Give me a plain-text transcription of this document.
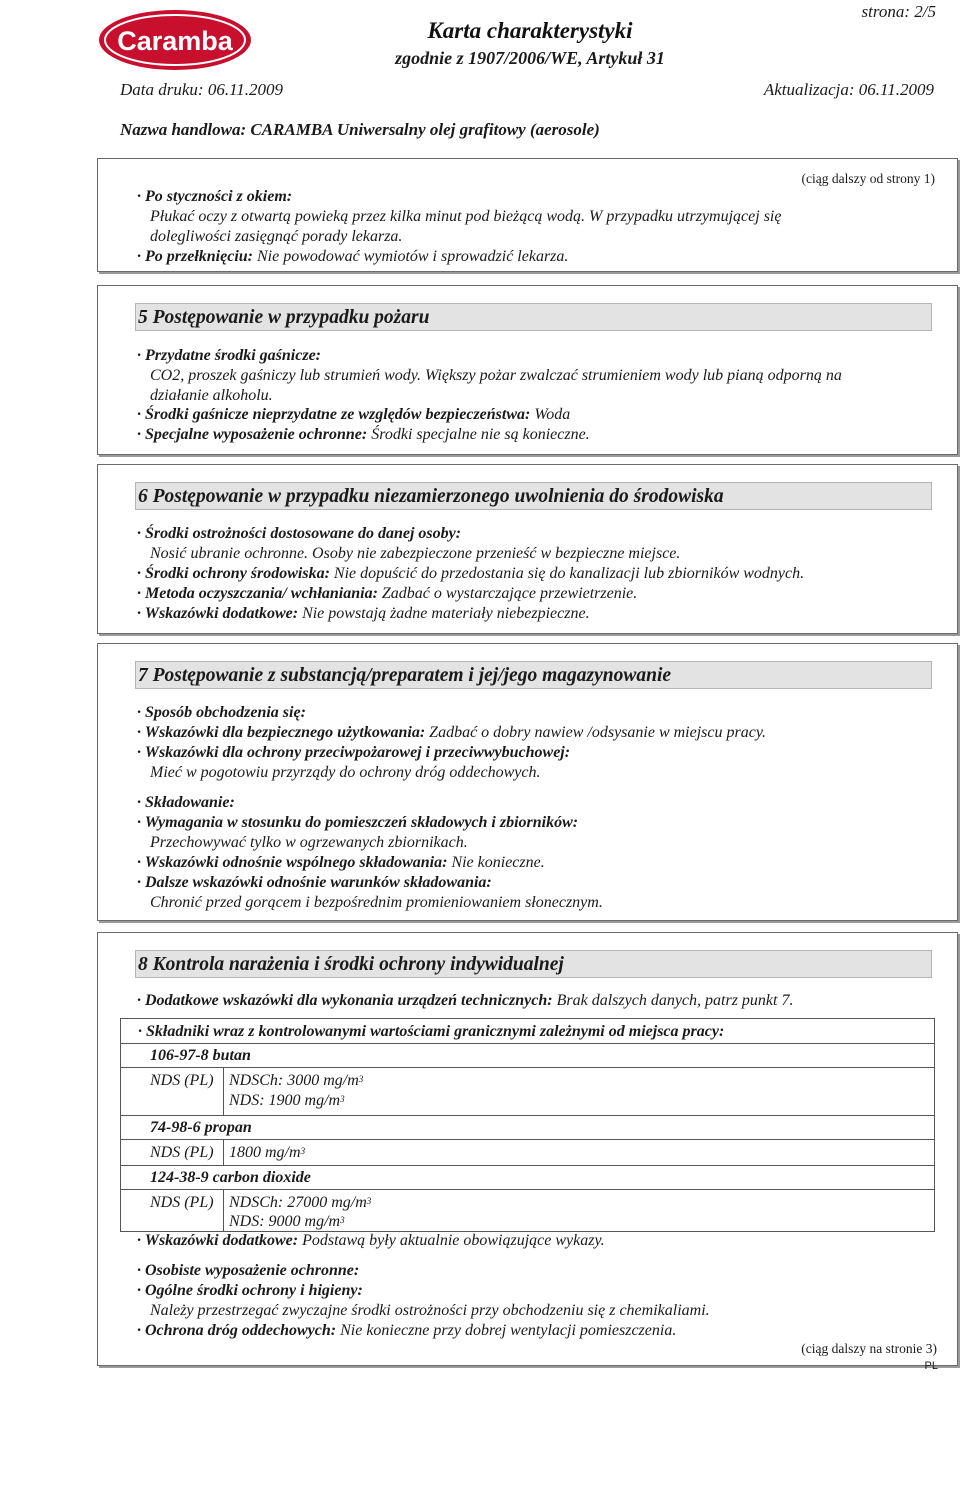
Caramba	Karta charakterystyki
zgodnie z 1907/2006/WE, Artykuł 31
strona: 2/5
Data druku: 06.11.2009	Aktualizacja: 06.11.2009
Nazwa handlowa: CARAMBA Uniwersalny olej grafitowy (aerosole)
(ciąg dalszy od strony 1)
· Po styczności z okiem:
Płukać oczy z otwartą powieką przez kilka minut pod bieżącą wodą. W przypadku utrzymującej się
dolegliwości zasięgnąć porady lekarza.
· Po przełknięciu: Nie powodować wymiotów i sprowadzić lekarza.
5 Postępowanie w przypadku pożaru
· Przydatne środki gaśnicze:
CO2, proszek gaśniczy lub strumień wody. Większy pożar zwalczać strumieniem wody lub pianą odporną na
działanie alkoholu.
· Środki gaśnicze nieprzydatne ze względów bezpieczeństwa: Woda
· Specjalne wyposażenie ochronne: Środki specjalne nie są konieczne.
6 Postępowanie w przypadku niezamierzonego uwolnienia do środowiska
· Środki ostrożności dostosowane do danej osoby:
Nosić ubranie ochronne. Osoby nie zabezpieczone przenieść w bezpieczne miejsce.
· Środki ochrony środowiska: Nie dopuścić do przedostania się do kanalizacji lub zbiorników wodnych.
· Metoda oczyszczania/ wchłaniania: Zadbać o wystarczające przewietrzenie.
· Wskazówki dodatkowe: Nie powstają żadne materiały niebezpieczne.
7 Postępowanie z substancją/preparatem i jej/jego magazynowanie
· Sposób obchodzenia się:
· Wskazówki dla bezpiecznego użytkowania: Zadbać o dobry nawiew /odsysanie w miejscu pracy.
· Wskazówki dla ochrony przeciwpożarowej i przeciwwybuchowej:
Mieć w pogotowiu przyrządy do ochrony dróg oddechowych.
· Składowanie:
· Wymagania w stosunku do pomieszczeń składowych i zbiorników:
Przechowywać tylko w ogrzewanych zbiornikach.
· Wskazówki odnośnie wspólnego składowania: Nie konieczne.
· Dalsze wskazówki odnośnie warunków składowania:
Chronić przed gorącem i bezpośrednim promieniowaniem słonecznym.
8 Kontrola narażenia i środki ochrony indywidualnej
· Dodatkowe wskazówki dla wykonania urządzeń technicznych: Brak dalszych danych, patrz punkt 7.
· Składniki wraz z kontrolowanymi wartościami granicznymi zależnymi od miejsca pracy:
106-97-8 butan
NDS (PL) NDSCh: 3000 $mg/m^3$
NDS: 1900 $mg/m^3$
74-98-6 propan
NDS (PL) 1800 $mg/m^3$
124-38-9 carbon dioxide
NDS (PL) NDSCh: 27000 $mg/m^3$
NDS: 9000 $mg/m^3$
· Wskazówki dodatkowe: Podstawą były aktualnie obowiązujące wykazy.
· Osobiste wyposażenie ochronne:
· Ogólne środki ochrony i higieny:
Należy przestrzegać zwyczajne środki ostrożności przy obchodzeniu się z chemikaliami.
· Ochrona dróg oddechowych: Nie konieczne przy dobrej wentylacji pomieszczenia.
(ciąg dalszy na stronie 3)
PL
